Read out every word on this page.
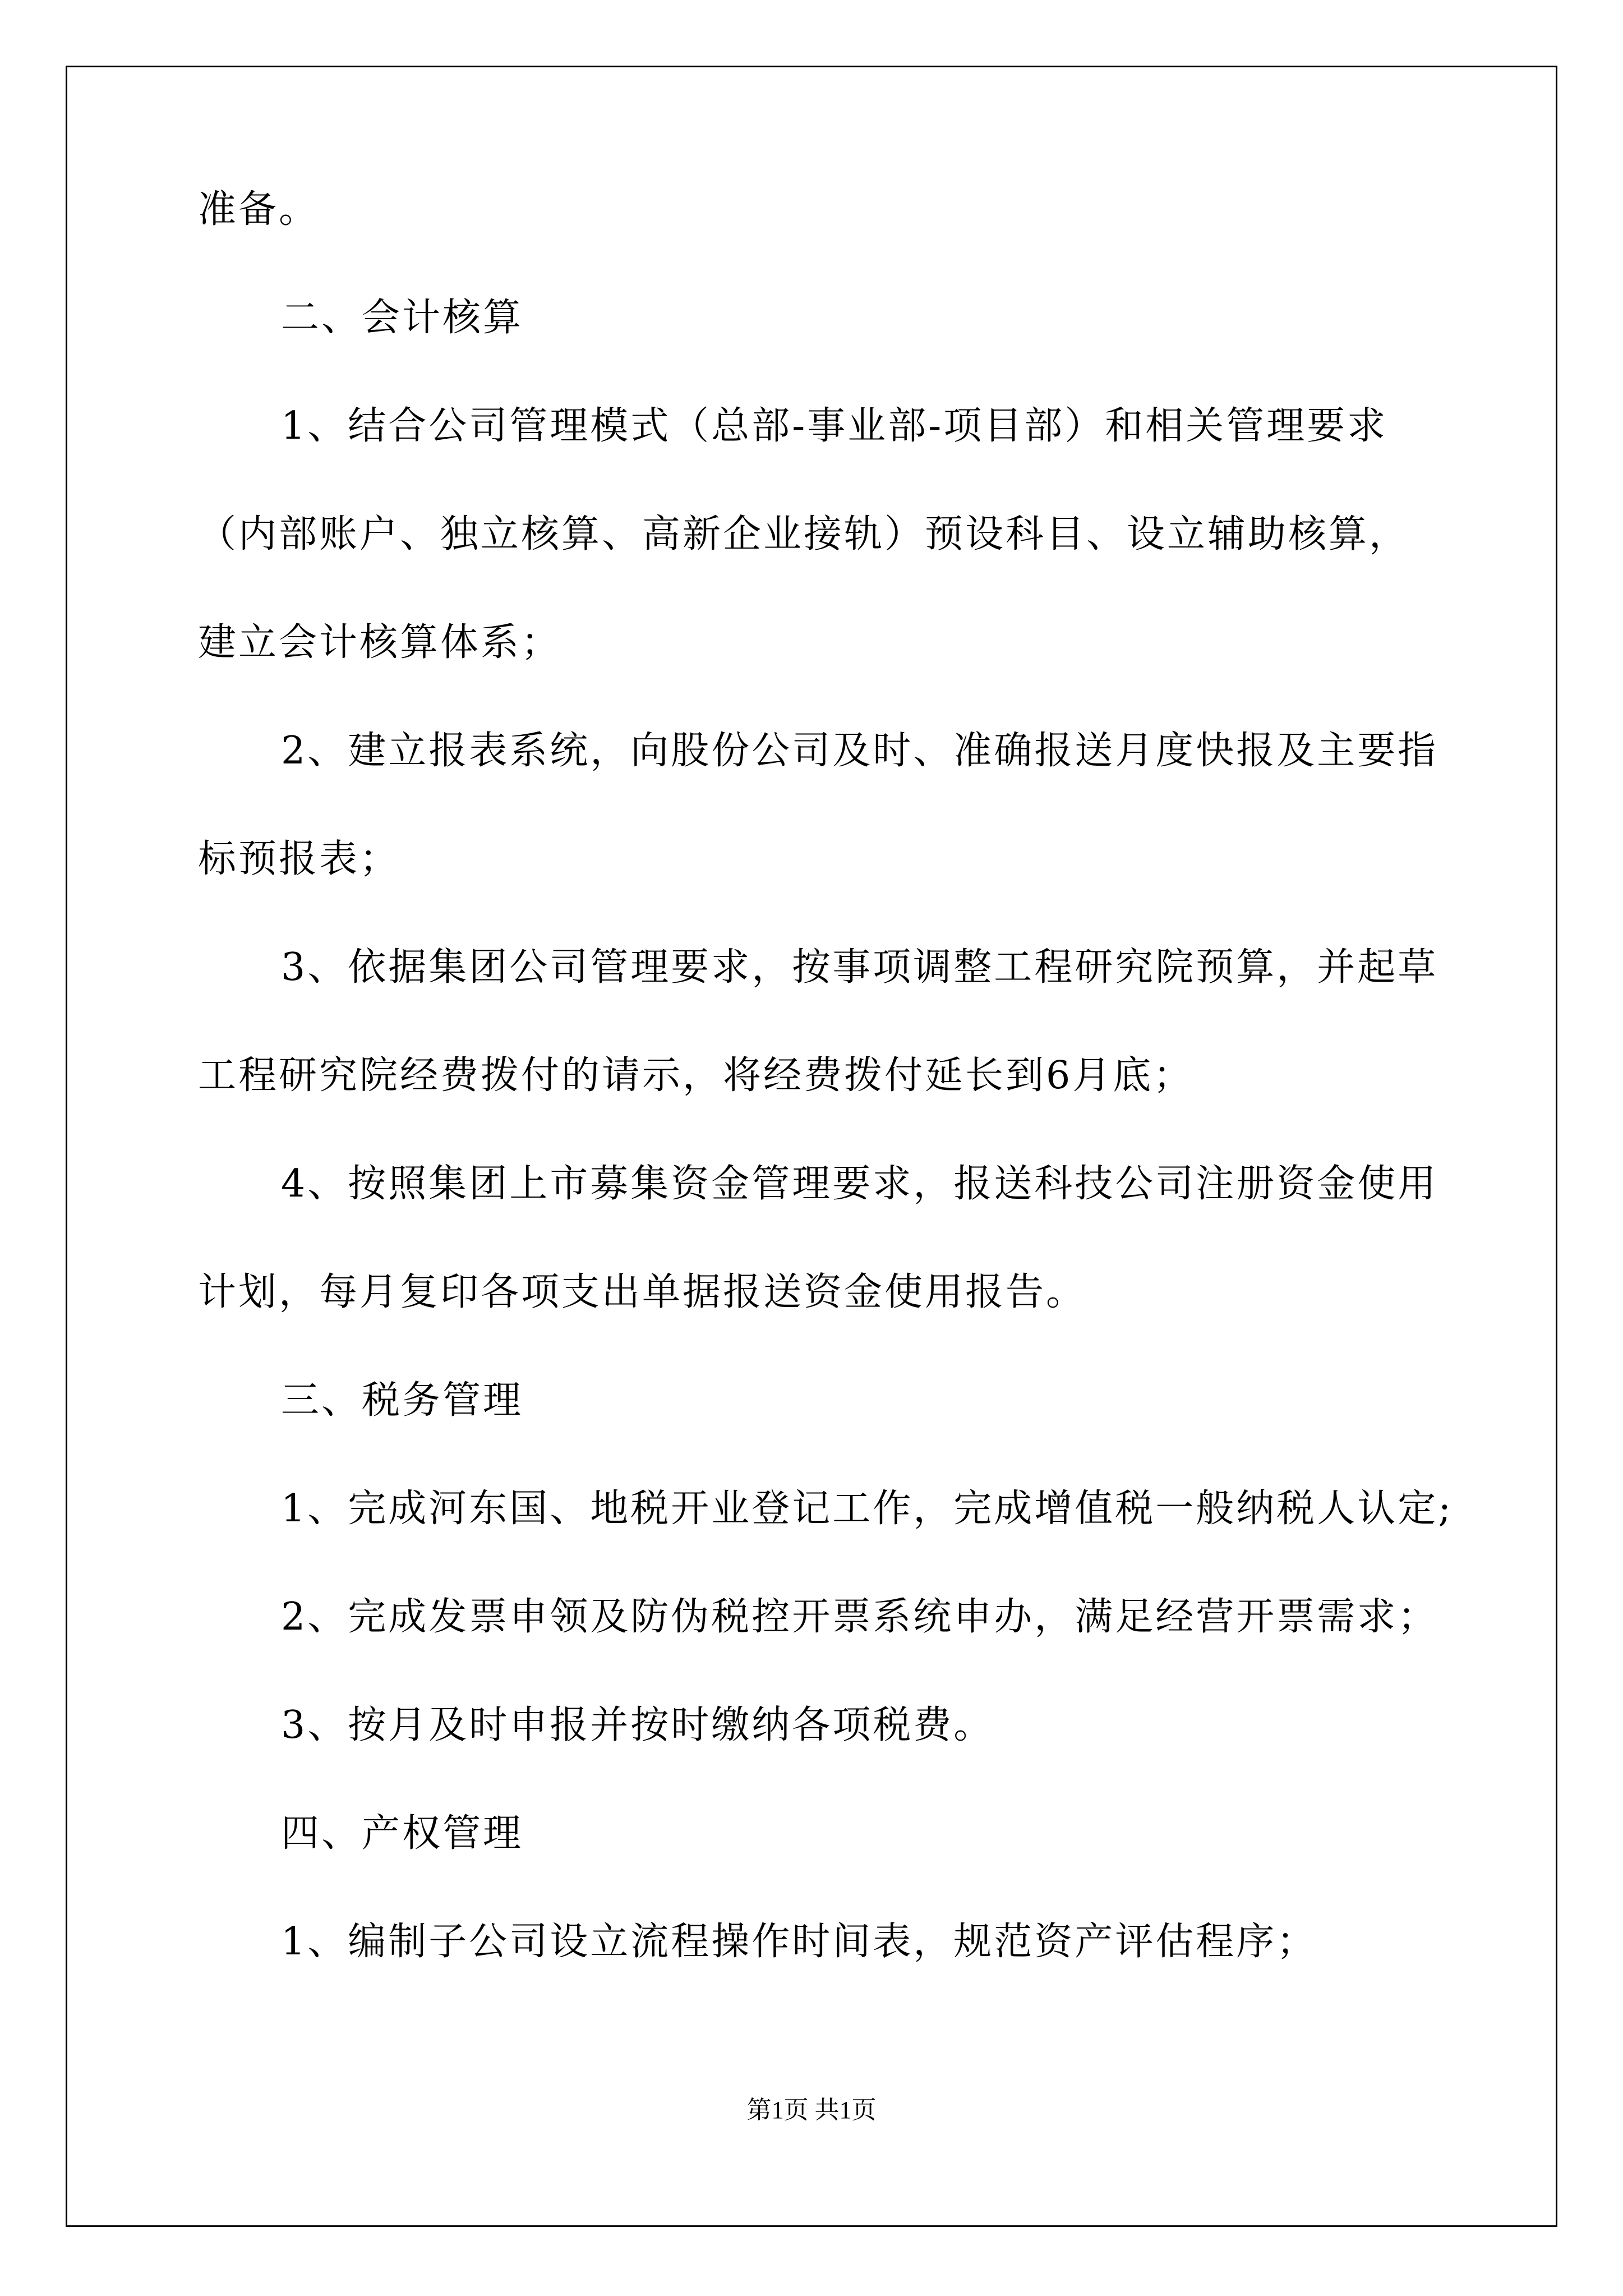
准备。
二、会计核算
1、结合公司管理模式（总部-事业部-项目部）和相关管理要求
（内部账户、独立核算、高新企业接轨）预设科目、设立辅助核算，
建立会计核算体系；
2、建立报表系统，向股份公司及时、准确报送月度快报及主要指
标预报表；
3、依据集团公司管理要求，按事项调整工程研究院预算，并起草
工程研究院经费拨付的请示，将经费拨付延长到6月底；
4、按照集团上市募集资金管理要求，报送科技公司注册资金使用
计划，每月复印各项支出单据报送资金使用报告。
三、税务管理
1、完成河东国、地税开业登记工作，完成增值税一般纳税人认定;
2、完成发票申领及防伪税控开票系统申办，满足经营开票需求；
3、按月及时申报并按时缴纳各项税费。
四、产权管理
1、编制子公司设立流程操作时间表，规范资产评估程序；
第1页 共1页
